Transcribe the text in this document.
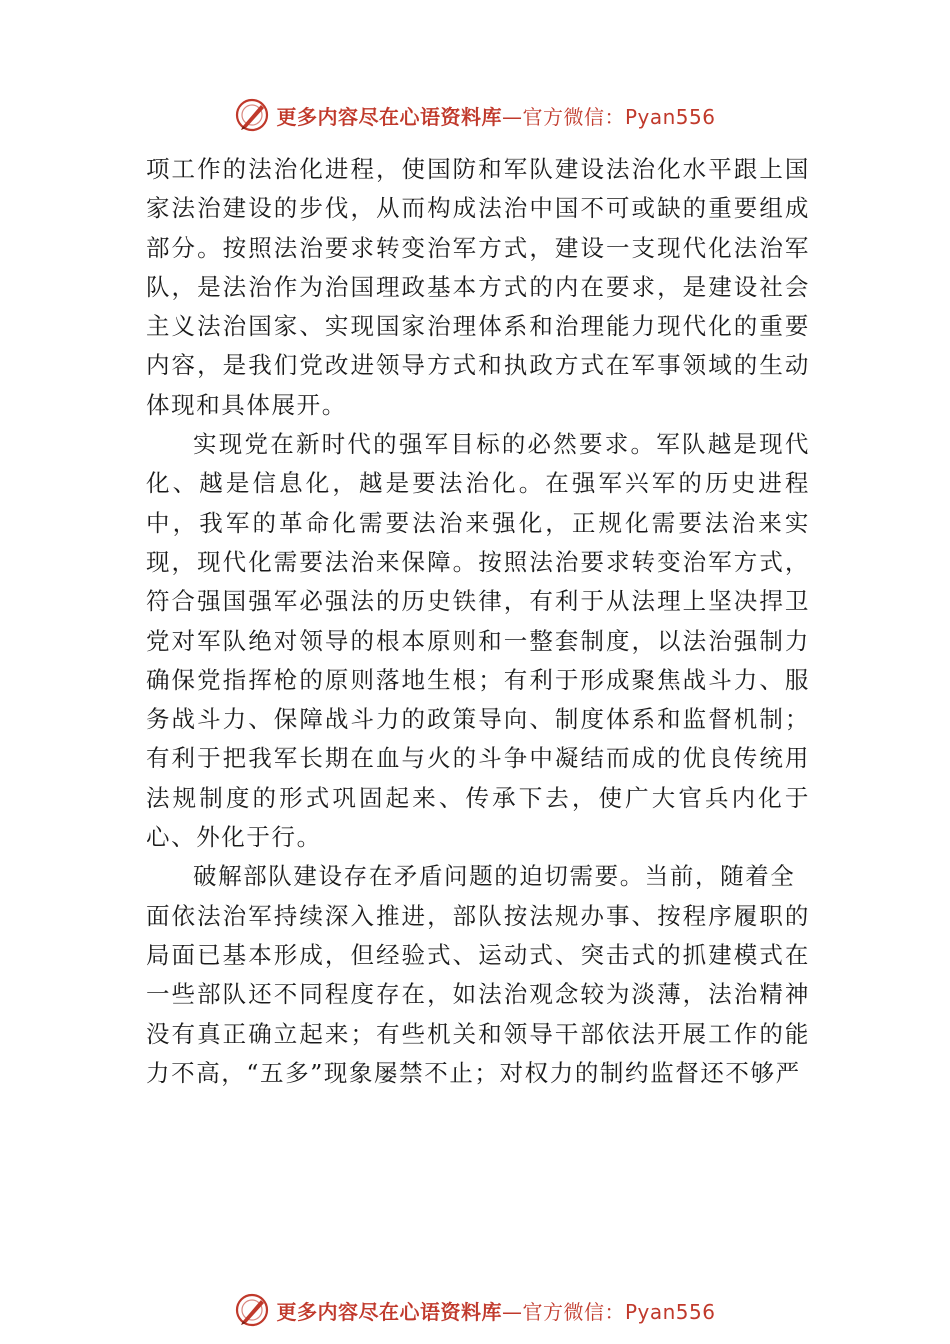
更多内容尽在心语资料库 —官方微信：Pyan556

项工作的法治化进程，使国防和军队建设法治化水平跟上国家法治建设的步伐，从而构成法治中国不可或缺的重要组成部分。按照法治要求转变治军方式，建设一支现代化法治军队，是法治作为治国理政基本方式的内在要求，是建设社会主义法治国家、实现国家治理体系和治理能力现代化的重要内容，是我们党改进领导方式和执政方式在军事领域的生动体现和具体展开。

实现党在新时代的强军目标的必然要求。军队越是现代化、越是信息化，越是要法治化。在强军兴军的历史进程中，我军的革命化需要法治来强化，正规化需要法治来实现，现代化需要法治来保障。按照法治要求转变治军方式，符合强国强军必强法的历史铁律，有利于从法理上坚决捍卫党对军队绝对领导的根本原则和一整套制度，以法治强制力确保党指挥枪的原则落地生根；有利于形成聚焦战斗力、服务战斗力、保障战斗力的政策导向、制度体系和监督机制；有利于把我军长期在血与火的斗争中凝结而成的优良传统用法规制度的形式巩固起来、传承下去，使广大官兵内化于心、外化于行。

破解部队建设存在矛盾问题的迫切需要。当前，随着全

面依法治军持续深入推进，部队按法规办事、按程序履职的局面已基本形成，但经验式、运动式、突击式的抓建模式在一些部队还不同程度存在，如法治观念较为淡薄，法治精神没有真正确立起来；有些机关和领导干部依法开展工作的能力不高，“五多”现象屡禁不止；对权力的制约监督还不够严

更多内容尽在心语资料库 —官方微信：Pyan556
